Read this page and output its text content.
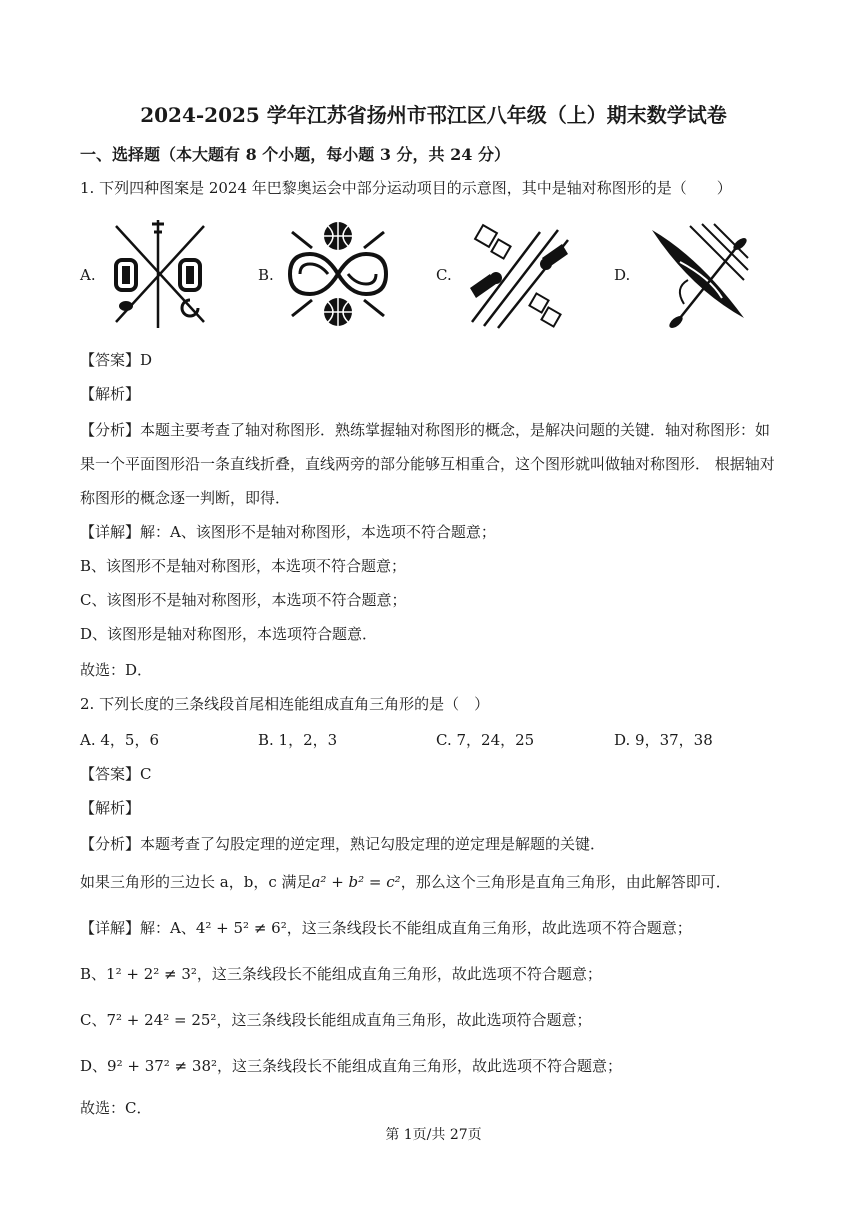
2024-2025 学年江苏省扬州市邗江区八年级（上）期末数学试卷
一、选择题（本大题有 8 个小题，每小题 3 分，共 24 分）
1. 下列四种图案是 2024 年巴黎奥运会中部分运动项目的示意图，其中是轴对称图形的是（　　）
A.	B.	C.	D.
【答案】D
【解析】
【分析】本题主要考查了轴对称图形．熟练掌握轴对称图形的概念，是解决问题的关键．轴对称图形：如
果一个平面图形沿一条直线折叠，直线两旁的部分能够互相重合，这个图形就叫做轴对称图形． 根据轴对
称图形的概念逐一判断，即得．
【详解】解：A、该图形不是轴对称图形，本选项不符合题意；
B、该图形不是轴对称图形，本选项不符合题意；
C、该图形不是轴对称图形，本选项不符合题意；
D、该图形是轴对称图形，本选项符合题意．
故选：D．
2. 下列长度的三条线段首尾相连能组成直角三角形的是（　）
A. 4，5，6	B. 1，2，3	C. 7，24，25	D. 9，37，38
【答案】C
【解析】
【分析】本题考查了勾股定理的逆定理，熟记勾股定理的逆定理是解题的关键．
如果三角形的三边长 a，b，c 满足a² + b² = c²，那么这个三角形是直角三角形，由此解答即可．
【详解】解：A、4² + 5² ≠ 6²，这三条线段长不能组成直角三角形，故此选项不符合题意；
B、1² + 2² ≠ 3²，这三条线段长不能组成直角三角形，故此选项不符合题意；
C、7² + 24² = 25²，这三条线段长能组成直角三角形，故此选项符合题意；
D、9² + 37² ≠ 38²，这三条线段长不能组成直角三角形，故此选项不符合题意；
故选：C．
第 1页/共 27页
